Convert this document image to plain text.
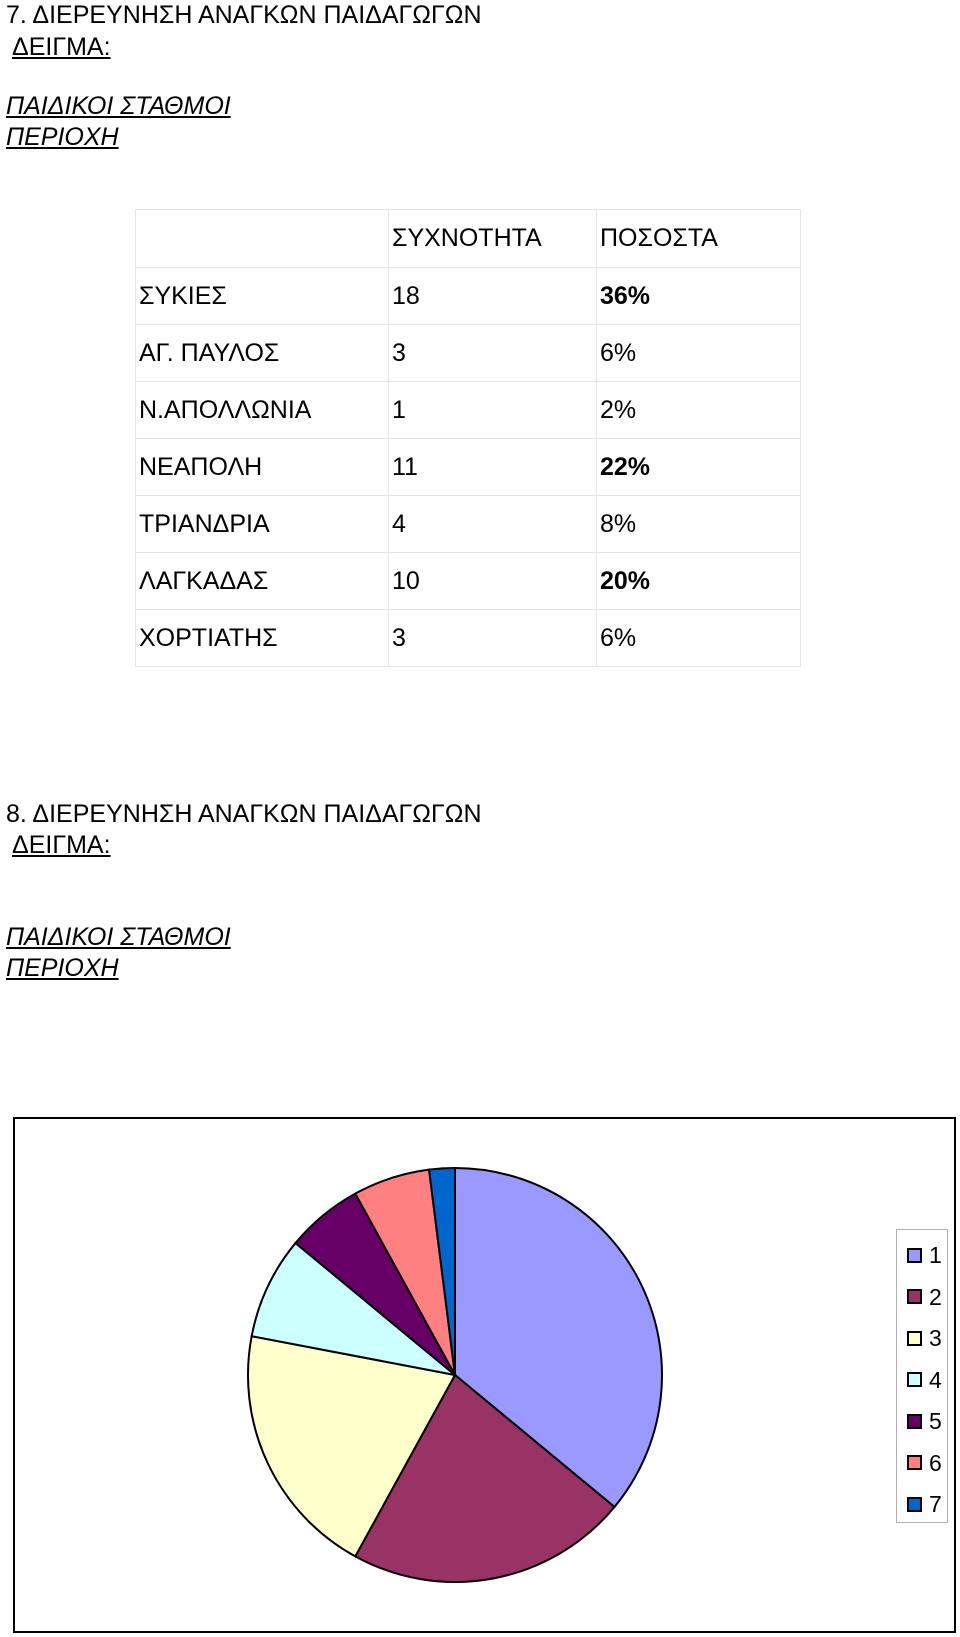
7. ΔΙΕΡΕΥΝΗΣΗ ΑΝΑΓΚΩΝ ΠΑΙΔΑΓΩΓΩΝ
ΔΕΙΓΜΑ:
ΠΑΙΔΙΚΟΙ ΣΤΑΘΜΟΙ
ΠΕΡΙΟΧΗ
	ΣΥΧΝΟΤΗΤΑ	ΠΟΣΟΣΤΑ
ΣΥΚΙΕΣ	18	36%
ΑΓ. ΠΑΥΛΟΣ	3	6%
Ν.ΑΠΟΛΛΩΝΙΑ	1	2%
ΝΕΑΠΟΛΗ	11	22%
ΤΡΙΑΝΔΡΙΑ	4	8%
ΛΑΓΚΑΔΑΣ	10	20%
ΧΟΡΤΙΑΤΗΣ	3	6%
8. ΔΙΕΡΕΥΝΗΣΗ ΑΝΑΓΚΩΝ ΠΑΙΔΑΓΩΓΩΝ
ΔΕΙΓΜΑ:
ΠΑΙΔΙΚΟΙ ΣΤΑΘΜΟΙ
ΠΕΡΙΟΧΗ
1
2
3
4
5
6
7
